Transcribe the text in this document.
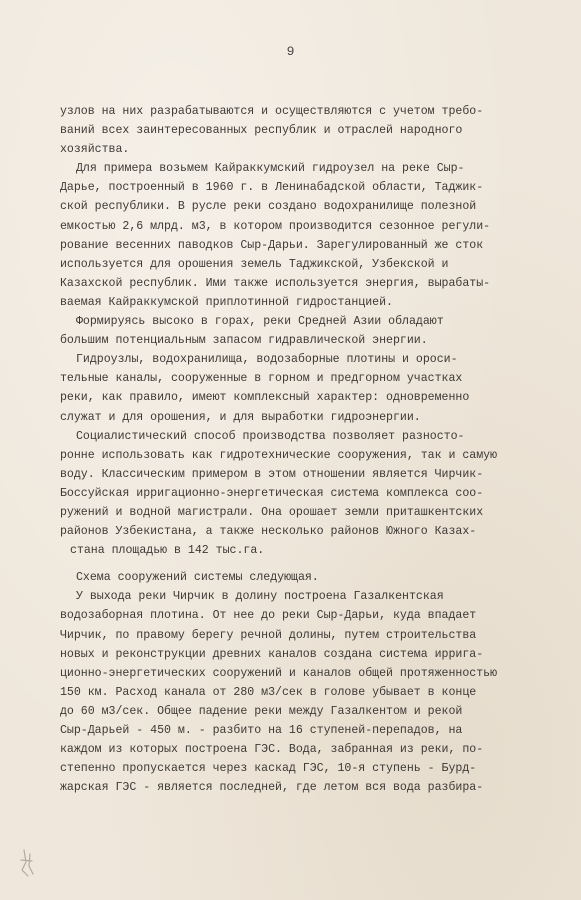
9
узлов на них разрабатываются и осуществляются с учетом требо-
ваний всех заинтересованных республик и отраслей народного
хозяйства.
Для примера возьмем Кайраккумский гидроузел на реке Сыр-
Дарье, построенный в 1960 г. в Ленинабадской области, Таджик-
ской республики. В русле реки создано водохранилище полезной
емкостью 2,6 млрд. м3, в котором производится сезонное регули-
рование весенних паводков Сыр-Дарьи. Зарегулированный же сток
используется для орошения земель Таджикской, Узбекской и
Казахской республик. Ими также используется энергия, вырабаты-
ваемая Кайраккумской приплотинной гидростанцией.
Формируясь высоко в горах, реки Средней Азии обладают
большим потенциальным запасом гидравлической энергии.
Гидроузлы, водохранилища, водозаборные плотины и ороси-
тельные каналы, сооруженные в горном и предгорном участках
реки, как правило, имеют комплексный характер: одновременно
служат и для орошения, и для выработки гидроэнергии.
Социалистический способ производства позволяет разносто-
ронне использовать как гидротехнические сооружения, так и самую
воду. Классическим примером в этом отношении является Чирчик-
Боссуйская ирригационно-энергетическая система комплекса соо-
ружений и водной магистрали. Она орошает земли приташкентских
районов Узбекистана, а также несколько районов Южного Казах-
стана площадью в 142 тыс.га.
Схема сооружений системы следующая.
У выхода реки Чирчик в долину построена Газалкентская
водозаборная плотина. От нее до реки Сыр-Дарьи, куда впадает
Чирчик, по правому берегу речной долины, путем строительства
новых и реконструкции древних каналов создана система ирригa-
ционно-энергетических сооружений и каналов общей протяженностью
150 км. Расход канала от 280 м3/сек в голове убывает в конце
до 60 м3/сек. Общее падение реки между Газалкентом и рекой
Сыр-Дарьей - 450 м. - разбито на 16 ступеней-перепадов, на
каждом из которых построена ГЭС. Вода, забранная из реки, по-
степенно пропускается через каскад ГЭС, 10-я ступень - Бурд-
жарская ГЭС - является последней, где летом вся вода разбира-
